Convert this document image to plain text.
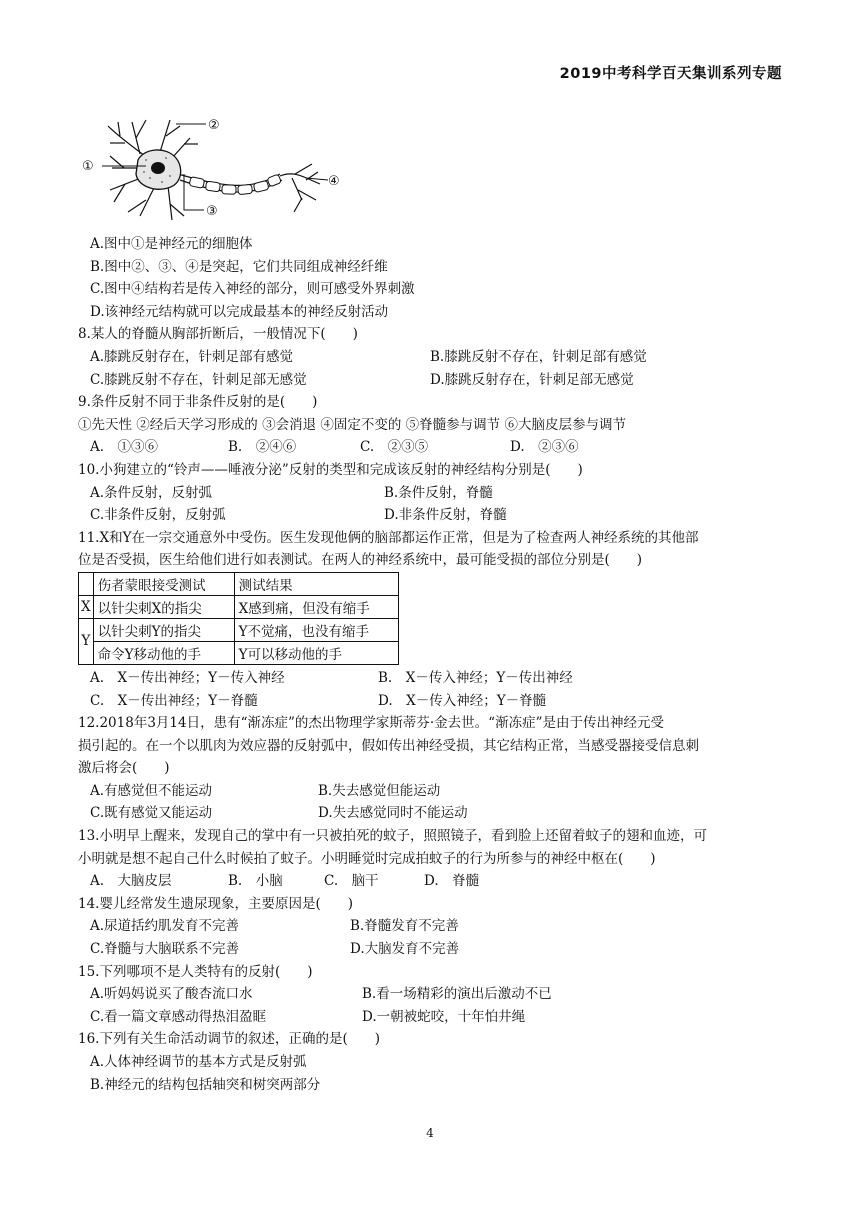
2019中考科学百天集训系列专题
①
②
③
④
A.图中①是神经元的细胞体
B.图中②、③、④是突起，它们共同组成神经纤维
C.图中④结构若是传入神经的部分，则可感受外界刺激
D.该神经元结构就可以完成最基本的神经反射活动
8.某人的脊髓从胸部折断后，一般情况下(　　)
A.膝跳反射存在，针刺足部有感觉	B.膝跳反射不存在，针刺足部有感觉
C.膝跳反射不存在，针刺足部无感觉	D.膝跳反射存在，针刺足部无感觉
9.条件反射不同于非条件反射的是(　　)
①先天性 ②经后天学习形成的 ③会消退 ④固定不变的 ⑤脊髓参与调节 ⑥大脑皮层参与调节
A.　①③⑥	B.　②④⑥	C.　②③⑤	D.　②③⑥
10.小狗建立的“铃声——唾液分泌”反射的类型和完成该反射的神经结构分别是(　　)
A.条件反射，反射弧	B.条件反射，脊髓
C.非条件反射，反射弧	D.非条件反射，脊髓
11.X和Y在一宗交通意外中受伤。医生发现他俩的脑部都运作正常，但是为了检查两人神经系统的其他部
位是否受损，医生给他们进行如表测试。在两人的神经系统中，最可能受损的部位分别是(　　)
	伤者蒙眼接受测试	测试结果
X	以针尖刺X的指尖	X感到痛，但没有缩手
Y	以针尖刺Y的指尖	Y不觉痛，也没有缩手
	命令Y移动他的手	Y可以移动他的手
A.　X－传出神经；Y－传入神经	B.　X－传入神经；Y－传出神经
C.　X－传出神经；Y－脊髓	D.　X－传入神经；Y－脊髓
12.2018年3月14日，患有“渐冻症”的杰出物理学家斯蒂芬·金去世。“渐冻症”是由于传出神经元受
损引起的。在一个以肌肉为效应器的反射弧中，假如传出神经受损，其它结构正常，当感受器接受信息刺
激后将会(　　)
A.有感觉但不能运动	B.失去感觉但能运动
C.既有感觉又能运动	D.失去感觉同时不能运动
13.小明早上醒来，发现自己的掌中有一只被拍死的蚊子，照照镜子，看到脸上还留着蚊子的翅和血迹，可
小明就是想不起自己什么时候拍了蚊子。小明睡觉时完成拍蚊子的行为所参与的神经中枢在(　　)
A.　大脑皮层	B.　小脑	C.　脑干	D.　脊髓
14.婴儿经常发生遗尿现象，主要原因是(　　)
A.尿道括约肌发育不完善	B.脊髓发育不完善
C.脊髓与大脑联系不完善	D.大脑发育不完善
15.下列哪项不是人类特有的反射(　　)
A.听妈妈说买了酸杏流口水	B.看一场精彩的演出后激动不已
C.看一篇文章感动得热泪盈眶	D.一朝被蛇咬，十年怕井绳
16.下列有关生命活动调节的叙述，正确的是(　　)
A.人体神经调节的基本方式是反射弧
B.神经元的结构包括轴突和树突两部分
4
